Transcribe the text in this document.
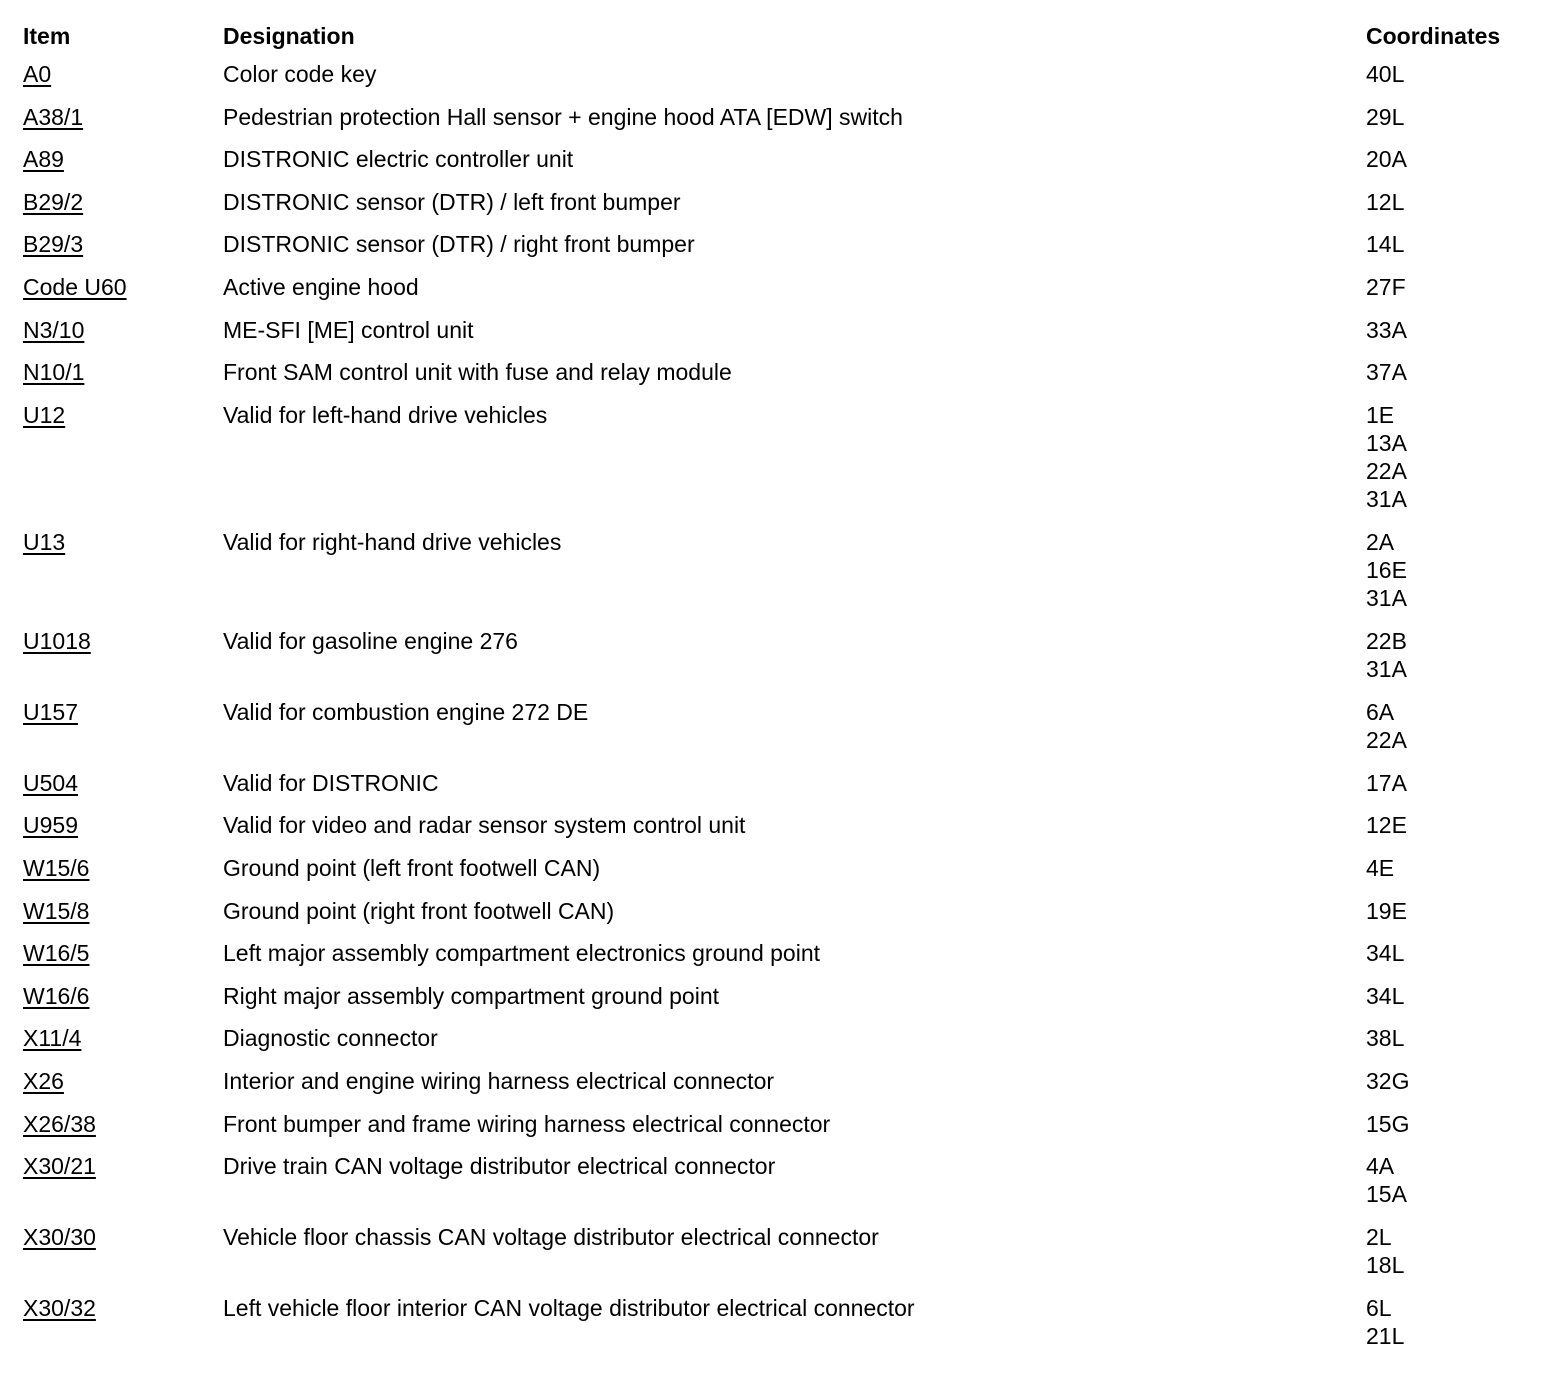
Item	Designation	Coordinates
A0	Color code key	40L
A38/1	Pedestrian protection Hall sensor + engine hood ATA [EDW] switch	29L
A89	DISTRONIC electric controller unit	20A
B29/2	DISTRONIC sensor (DTR) / left front bumper	12L
B29/3	DISTRONIC sensor (DTR) / right front bumper	14L
Code U60	Active engine hood	27F
N3/10	ME-SFI [ME] control unit	33A
N10/1	Front SAM control unit with fuse and relay module	37A
U12	Valid for left-hand drive vehicles	1E
13A
22A
31A
U13	Valid for right-hand drive vehicles	2A
16E
31A
U1018	Valid for gasoline engine 276	22B
31A
U157	Valid for combustion engine 272 DE	6A
22A
U504	Valid for DISTRONIC	17A
U959	Valid for video and radar sensor system control unit	12E
W15/6	Ground point (left front footwell CAN)	4E
W15/8	Ground point (right front footwell CAN)	19E
W16/5	Left major assembly compartment electronics ground point	34L
W16/6	Right major assembly compartment ground point	34L
X11/4	Diagnostic connector	38L
X26	Interior and engine wiring harness electrical connector	32G
X26/38	Front bumper and frame wiring harness electrical connector	15G
X30/21	Drive train CAN voltage distributor electrical connector	4A
15A
X30/30	Vehicle floor chassis CAN voltage distributor electrical connector	2L
18L
X30/32	Left vehicle floor interior CAN voltage distributor electrical connector	6L
21L
